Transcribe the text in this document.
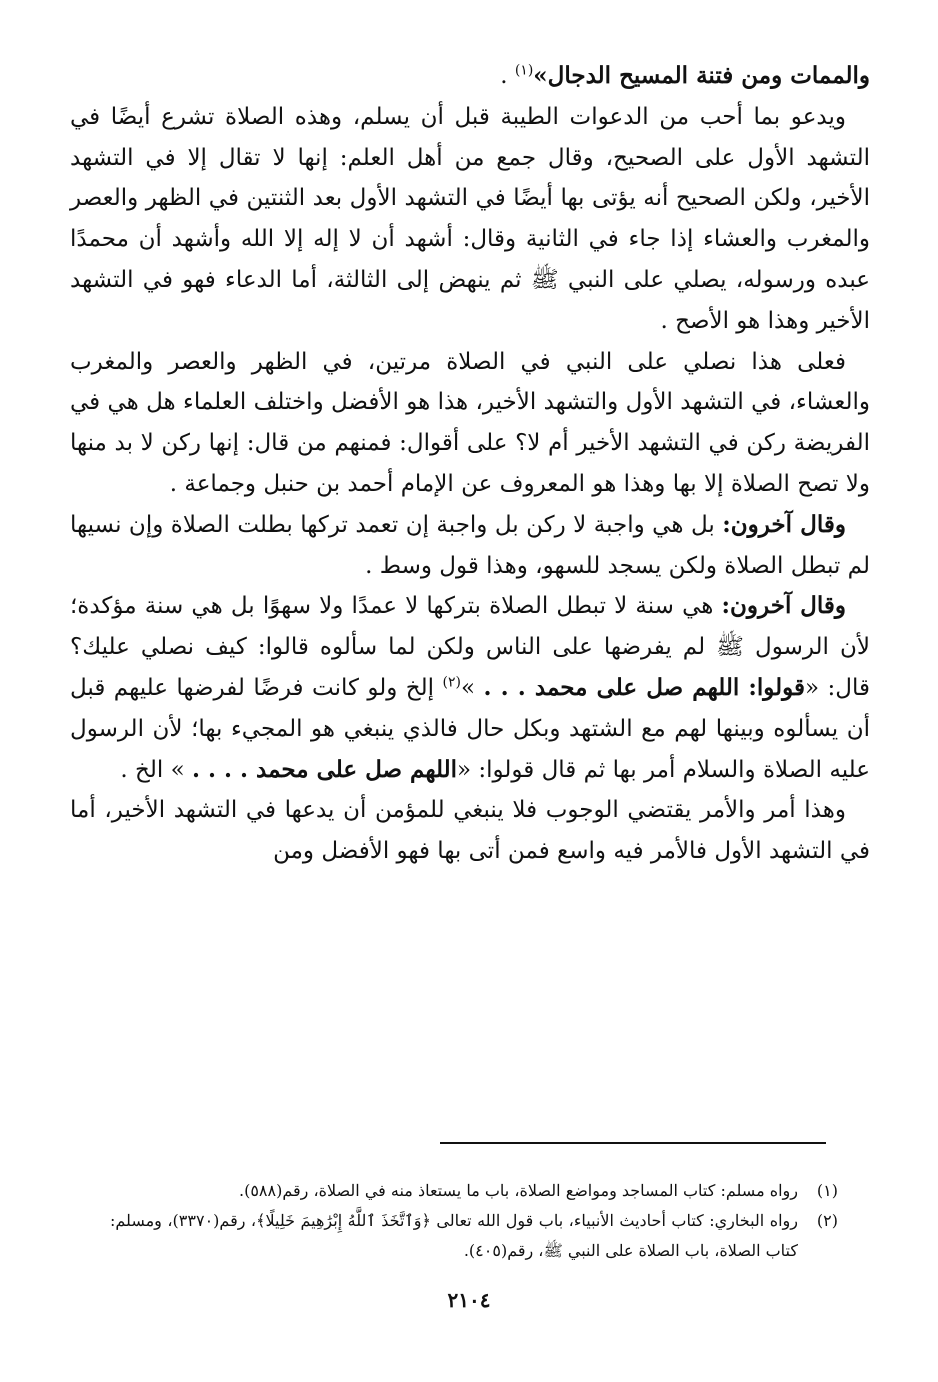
والممات ومن فتنة المسيح الدجال»$^{(١)}$ .

ويدعو بما أحب من الدعوات الطيبة قبل أن يسلم، وهذه الصلاة تشرع أيضًا في التشهد الأول على الصحيح، وقال جمع من أهل العلم: إنها لا تقال إلا في التشهد الأخير، ولكن الصحيح أنه يؤتى بها أيضًا في التشهد الأول بعد الثنتين في الظهر والعصر والمغرب والعشاء إذا جاء في الثانية وقال: أشهد أن لا إله إلا الله وأشهد أن محمدًا عبده ورسوله، يصلي على النبي ﷺ ثم ينهض إلى الثالثة، أما الدعاء فهو في التشهد الأخير وهذا هو الأصح .

فعلى هذا نصلي على النبي في الصلاة مرتين، في الظهر والعصر والمغرب والعشاء، في التشهد الأول والتشهد الأخير، هذا هو الأفضل واختلف العلماء هل هي في الفريضة ركن في التشهد الأخير أم لا؟ على أقوال: فمنهم من قال: إنها ركن لا بد منها ولا تصح الصلاة إلا بها وهذا هو المعروف عن الإمام أحمد بن حنبل وجماعة .

وقال آخرون: بل هي واجبة لا ركن بل واجبة إن تعمد تركها بطلت الصلاة وإن نسيها لم تبطل الصلاة ولكن يسجد للسهو، وهذا قول وسط .

وقال آخرون: هي سنة لا تبطل الصلاة بتركها لا عمدًا ولا سهوًا بل هي سنة مؤكدة؛ لأن الرسول ﷺ لم يفرضها على الناس ولكن لما سألوه قالوا: كيف نصلي عليك؟ قال: «قولوا: اللهم صل على محمد . . . »$^{(٢)}$ إلخ ولو كانت فرضًا لفرضها عليهم قبل أن يسألوه وبينها لهم مع الشتهد وبكل حال فالذي ينبغي هو المجيء بها؛ لأن الرسول عليه الصلاة والسلام أمر بها ثم قال قولوا: «اللهم صل على محمد . . . . » الخ .

وهذا أمر والأمر يقتضي الوجوب فلا ينبغي للمؤمن أن يدعها في التشهد الأخير، أما في التشهد الأول فالأمر فيه واسع فمن أتى بها فهو الأفضل ومن

(١)
رواه مسلم: كتاب المساجد ومواضع الصلاة، باب ما يستعاذ منه في الصلاة، رقم(٥٨٨).

(٢)
رواه البخاري: كتاب أحاديث الأنبياء، باب قول الله تعالى ﴿وَٱتَّخَذَ ٱللَّهُ إِبْرَٰهِيمَ خَلِيلًا﴾، رقم(٣٣٧٠)، ومسلم: كتاب الصلاة، باب الصلاة على النبي ﷺ، رقم(٤٠٥).

٢١٠٤
